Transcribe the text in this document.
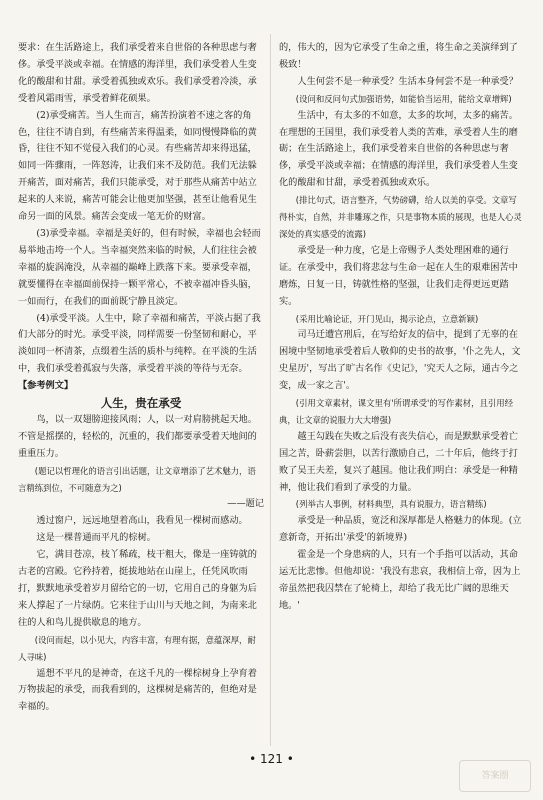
要求：在生活路途上，我们承受着来自世俗的各种思虑与奢侈。承受平淡或幸福。在情感的海洋里，我们承受着人生变化的酸甜和甘甜。承受着孤独或欢乐。我们承受着冷淡，承受着风霜雨雪，承受着鲜花硕果。

(2)承受痛苦。当人生而言，痛苦扮演着不速之客的角色，往往不请自到，有些痛苦来得温柔，如同慢慢降临的黄昏，往往不知不觉侵入我们的心灵。有些痛苦却来得迅猛，如同一阵骤雨，一阵怒涛，让我们来不及防范。我们无法躲开痛苦，面对痛苦，我们只能承受，对于那些从痛苦中站立起来的人来说，痛苦可能会让他更加坚强，甚至让他看见生命另一面的风景。痛苦会变成一笔无价的财富。

(3)承受幸福。幸福是美好的，但有时候，幸福也会轻而易举地击垮一个人。当幸福突然来临的时候，人们往往会被幸福的旋涡淹没，从幸福的巅峰上跌落下来。要承受幸福，就要懂得在幸福面前保持一颗平常心，不被幸福冲昏头脑，一如而行，在我们的面前既宁静且淡定。

(4)承受平淡。人生中，除了幸福和痛苦，平淡占据了我们大部分的时光。承受平淡，同样需要一份坚韧和耐心，平淡如同一杯清茶，点缀着生活的质朴与纯粹。在平淡的生活中，我们承受着孤寂与失落，承受着平淡的等待与无奈。

【参考例文】

人生，贵在承受

鸟，以一双翅膀迎接风雨；人，以一对肩膀挑起天地。不管是摇摆的，轻松的，沉重的，我们都要承受着天地间的重重压力。

(题记以哲理化的语言引出话题，让文章增添了艺术魅力，语言精练到位，不可随意为之)

——题记

透过窗户，远远地望着高山，我看见一棵树而感动。

这是一棵普通而平凡的棕树。

它，满目苍凉，枝丫稀疏，枝干粗大，像是一座铸就的古老的宫殿。它矜持着，挺拔地站在山崖上，任凭风吹雨打，默默地承受着岁月留给它的一切，它用自己的身躯为后来人撑起了一片绿荫。它来往于山川与天地之间，为南来北往的人和鸟儿提供歇息的地方。

(设问而起，以小见大，内容丰富，有理有据，意蕴深厚，耐人寻味)

遥想不平凡的是神奇，在这千凡的一棵棕树身上孕育着万物拔起的承受，而我看到的，这棵树是痛苦的，但绝对是幸福的。

的，伟大的，因为它承受了生命之重，将生命之美演绎到了极致！

人生何尝不是一种承受？生活本身何尝不是一种承受？

(设问和反问句式加强语势，如能恰当运用，能给文章增辉)

生活中，有太多的不如意，太多的坎坷，太多的痛苦。在理想的王国里，我们承受着人类的苦难，承受着人生的磨砺；在生活路途上，我们承受着来自世俗的各种思虑与奢侈，承受平淡或幸福；在情感的海洋里，我们承受着人生变化的酸甜和甘甜，承受着孤独或欢乐。

(排比句式，语言整齐，气势磅礴，给人以美的享受。文章写得朴实，自然，并非雕琢之作，只是事物本质的展现，也是人心灵深处的真实感受的流露)

承受是一种力度，它是上帝赐予人类处理困难的通行证。在承受中，我们将悲忿与生命一起在人生的艰难困苦中磨炼，日复一日，铸就性格的坚强，让我们走得更远更踏实。

(采用比喻论证，开门见山，揭示论点，立意新颖)

司马迁遭宫刑后，在写给好友的信中，提到了无辜的在困境中坚韧地承受着后人敬仰的史书的故事，'仆之先人，文史星历'，写出了旷古名作《史记》，'究天人之际，通古今之变，成一家之言'。

(引用文章素材，课文里有'所谓承受'的写作素材，且引用经典，让文章的说服力大大增强)

越王勾践在失败之后没有丧失信心，而是默默承受着亡国之苦，卧薪尝胆，以苦行激励自己，二十年后，他终于打败了吴王夫差，复兴了越国。他让我们明白：承受是一种精神，他让我们看到了承受的力量。

(列举古人事例，材料典型，具有说服力，语言精练)

承受是一种品质，宽泛和深厚都是人格魅力的体现。(立意新奇，开拓出'承受'的新境界)

霍金是一个身患病的人，只有一个手指可以活动，其命运无比悲惨。但他却说：'我没有悲哀，我相信上帝，因为上帝虽然把我囚禁在了轮椅上，却给了我无比广阔的思维天地。'

• 121 •
答案圈
